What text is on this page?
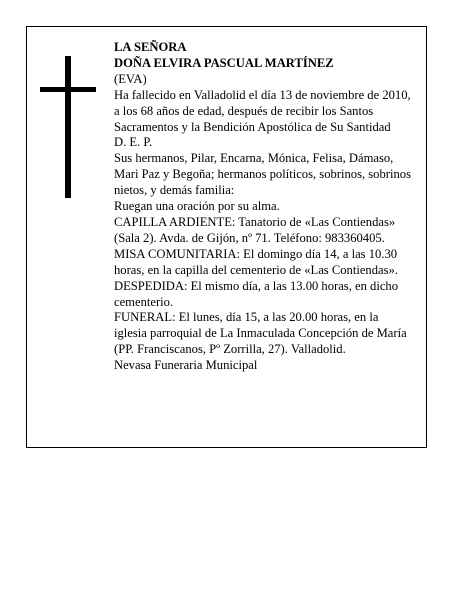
LA SEÑORA

DOÑA ELVIRA PASCUAL MARTÍNEZ

(EVA)

Ha fallecido en Valladolid el día 13 de noviembre de 2010, a los 68 años de edad, después de recibir los Santos Sacramentos y la Bendición Apostólica de Su Santidad

D. E. P.

Sus hermanos, Pilar, Encarna, Mónica, Felisa, Dámaso, Mari Paz y Begoña; hermanos políticos, sobrinos, sobrinos nietos, y demás familia:

Ruegan una oración por su alma.

CAPILLA ARDIENTE: Tanatorio de «Las Contiendas» (Sala 2). Avda. de Gijón, nº 71. Teléfono: 983360405.

MISA COMUNITARIA: El domingo día 14, a las 10.30 horas, en la capilla del cementerio de «Las Contiendas».

DESPEDIDA: El mismo día, a las 13.00 horas, en dicho cementerio.

FUNERAL: El lunes, día 15, a las 20.00 horas, en la iglesia parroquial de La Inmaculada Concepción de María (PP. Franciscanos, Pº Zorrilla, 27). Valladolid.

Nevasa Funeraria Municipal
